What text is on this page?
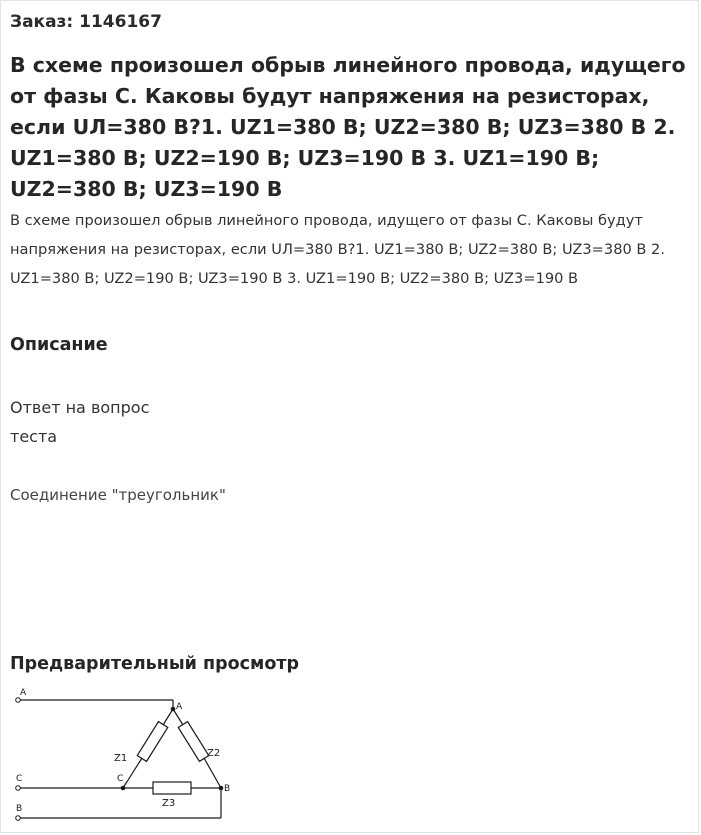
Заказ: 1146167
В схеме произошел обрыв линейного провода, идущего от фазы С. Каковы будут напряжения на резисторах, если UЛ=380 В?1. UZ1=380 В; UZ2=380 В; UZ3=380 В 2. UZ1=380 В; UZ2=190 В; UZ3=190 В 3. UZ1=190 В; UZ2=380 В; UZ3=190 В

В схеме произошел обрыв линейного провода, идущего от фазы С. Каковы будут напряжения на резисторах, если UЛ=380 В?1. UZ1=380 В; UZ2=380 В; UZ3=380 В 2. UZ1=380 В; UZ2=190 В; UZ3=190 В 3. UZ1=190 В; UZ2=380 В; UZ3=190 В

Описание
Ответ на вопрос
теста
Соединение "треугольник"
Предварительный просмотр
A
C
B
Z1	Z2
Z3
A
C
B
